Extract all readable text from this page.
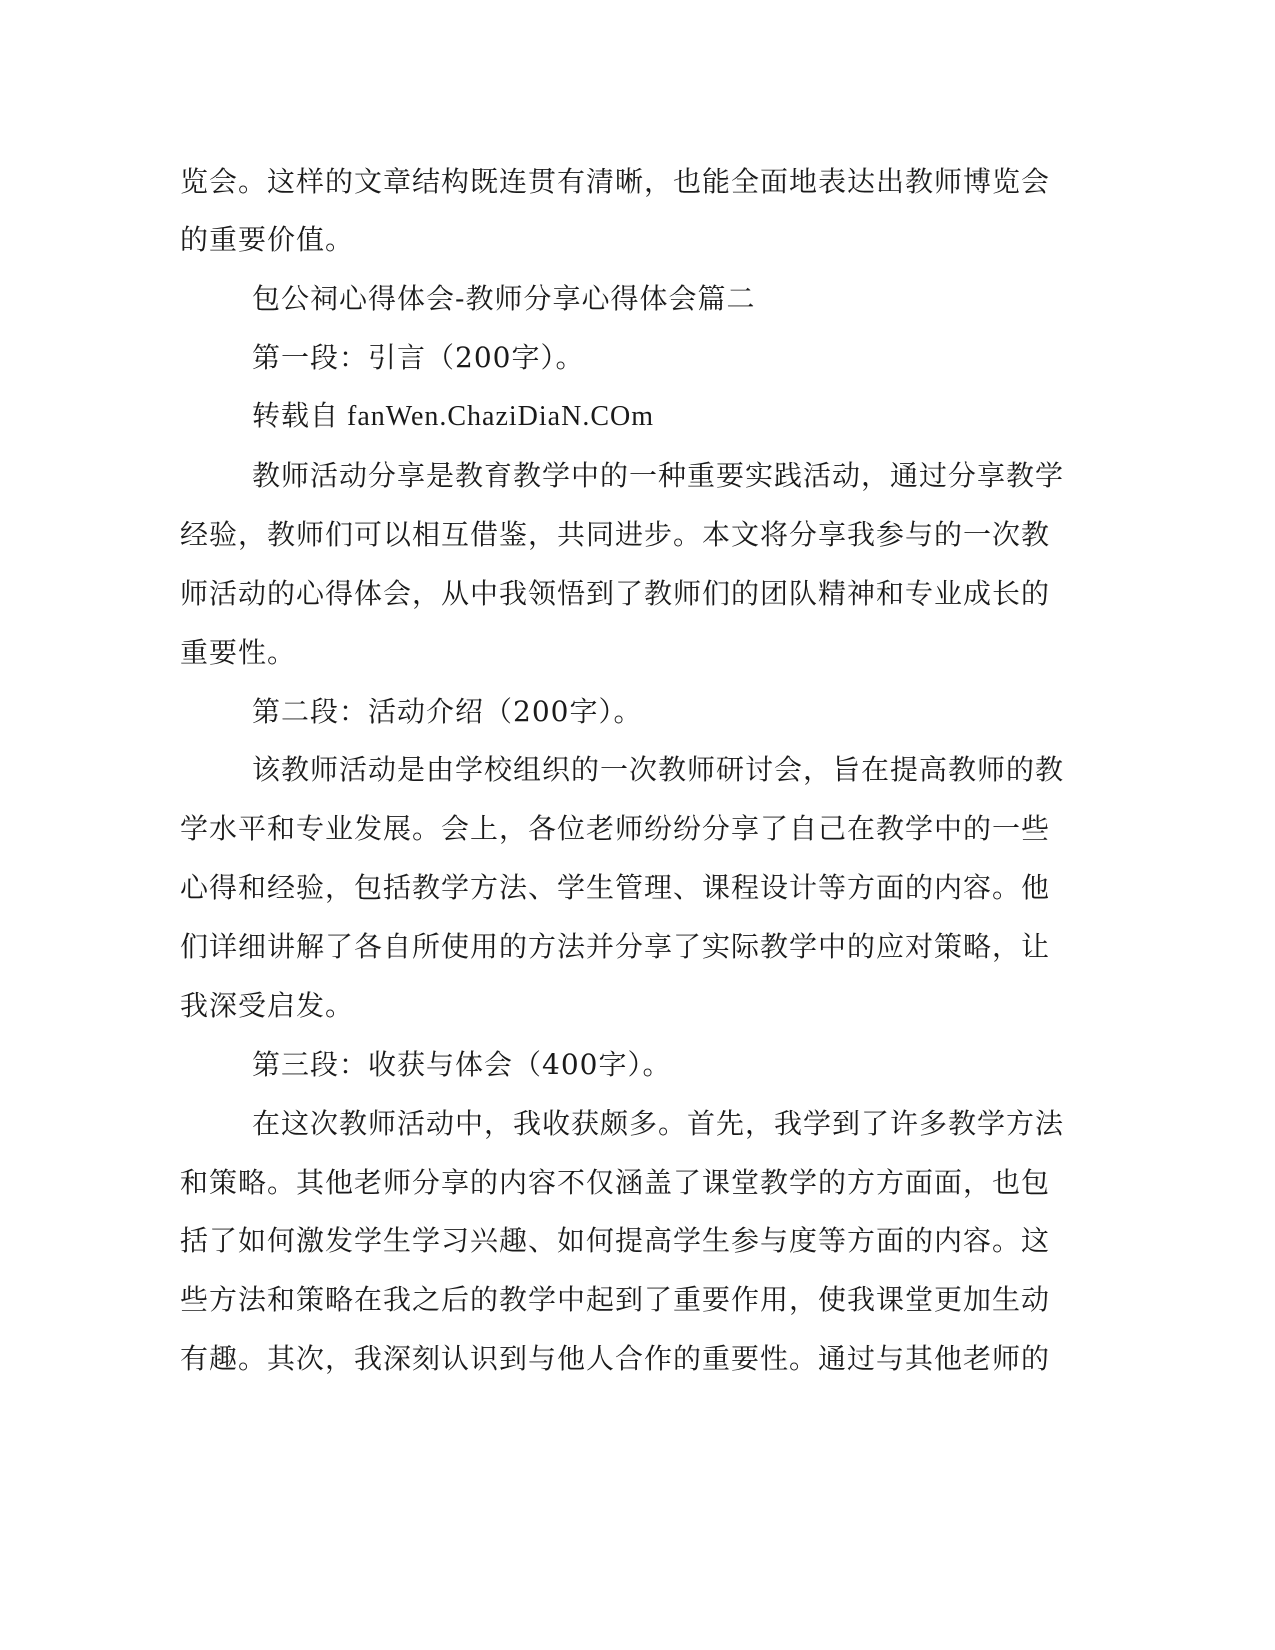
览会。这样的文章结构既连贯有清晰，也能全面地表达出教师博览会
的重要价值。
包公祠心得体会-教师分享心得体会篇二
第一段：引言（200字）。
转载自 fanWen.ChaziDiaN.COm
教师活动分享是教育教学中的一种重要实践活动，通过分享教学
经验，教师们可以相互借鉴，共同进步。本文将分享我参与的一次教
师活动的心得体会，从中我领悟到了教师们的团队精神和专业成长的
重要性。
第二段：活动介绍（200字）。
该教师活动是由学校组织的一次教师研讨会，旨在提高教师的教
学水平和专业发展。会上，各位老师纷纷分享了自己在教学中的一些
心得和经验，包括教学方法、学生管理、课程设计等方面的内容。他
们详细讲解了各自所使用的方法并分享了实际教学中的应对策略，让
我深受启发。
第三段：收获与体会（400字）。
在这次教师活动中，我收获颇多。首先，我学到了许多教学方法
和策略。其他老师分享的内容不仅涵盖了课堂教学的方方面面，也包
括了如何激发学生学习兴趣、如何提高学生参与度等方面的内容。这
些方法和策略在我之后的教学中起到了重要作用，使我课堂更加生动
有趣。其次，我深刻认识到与他人合作的重要性。通过与其他老师的
